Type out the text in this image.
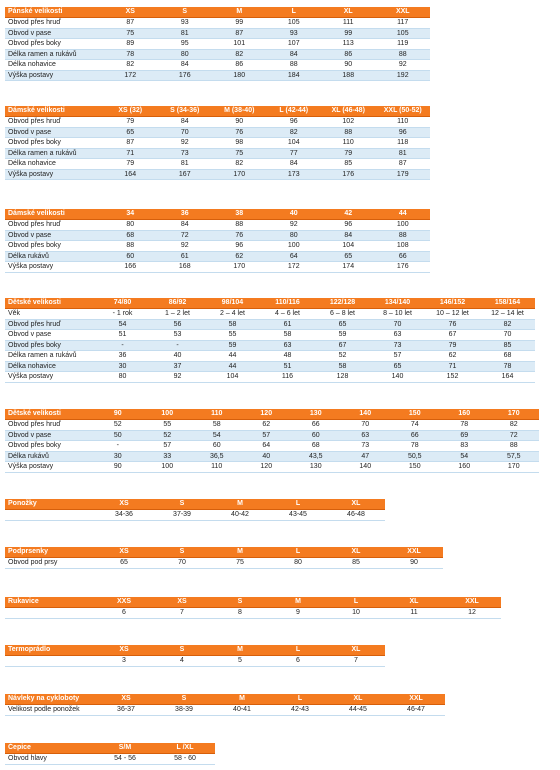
Pánské velikosti	XS	S	M	L	XL	XXL
Obvod přes hruď	87	93	99	105	111	117
Obvod v pase	75	81	87	93	99	105
Obvod přes boky	89	95	101	107	113	119
Délka ramen a rukávů	78	80	82	84	86	88
Délka nohavice	82	84	86	88	90	92
Výška postavy	172	176	180	184	188	192
Dámské velikosti	XS (32)	S (34-36)	M (38-40)	L (42-44)	XL (46-48)	XXL (50-52)
Obvod přes hruď	79	84	90	96	102	110
Obvod v pase	65	70	76	82	88	96
Obvod přes boky	87	92	98	104	110	118
Délka ramen a rukávů	71	73	75	77	79	81
Délka nohavice	79	81	82	84	85	87
Výška postavy	164	167	170	173	176	179
Dámské velikosti	34	36	38	40	42	44
Obvod přes hruď	80	84	88	92	96	100
Obvod v pase	68	72	76	80	84	88
Obvod přes boky	88	92	96	100	104	108
Délka rukávů	60	61	62	64	65	66
Výška postavy	166	168	170	172	174	176
Dětské velikosti	74/80	86/92	98/104	110/116	122/128	134/140	146/152	158/164
Věk	- 1 rok	1 – 2 let	2 – 4 let	4 – 6 let	6 – 8 let	8 – 10 let	10 – 12 let	12 – 14 let
Obvod přes hruď	54	56	58	61	65	70	76	82
Obvod v pase	51	53	55	58	59	63	67	70
Obvod přes boky	-	-	59	63	67	73	79	85
Délka ramen a rukávů	36	40	44	48	52	57	62	68
Délka nohavice	30	37	44	51	58	65	71	78
Výška postavy	80	92	104	116	128	140	152	164
Dětské velikosti	90	100	110	120	130	140	150	160	170
Obvod přes hruď	52	55	58	62	66	70	74	78	82
Obvod v pase	50	52	54	57	60	63	66	69	72
Obvod přes boky	-	57	60	64	68	73	78	83	88
Délka rukávů	30	33	36,5	40	43,5	47	50,5	54	57,5
Výška postavy	90	100	110	120	130	140	150	160	170
Ponožky	XS	S	M	L	XL
	34-36	37-39	40-42	43-45	46-48
Podprsenky	XS	S	M	L	XL	XXL
Obvod pod prsy	65	70	75	80	85	90
Rukavice	XXS	XS	S	M	L	XL	XXL
	6	7	8	9	10	11	12
Termoprádlo	XS	S	M	L	XL
	3	4	5	6	7
Návleky na cykloboty	XS	S	M	L	XL	XXL
Velikost podle ponožek	36-37	38-39	40-41	42-43	44-45	46-47
Čepice	S/M	L /XL
Obvod hlavy	54 - 56	58 - 60
